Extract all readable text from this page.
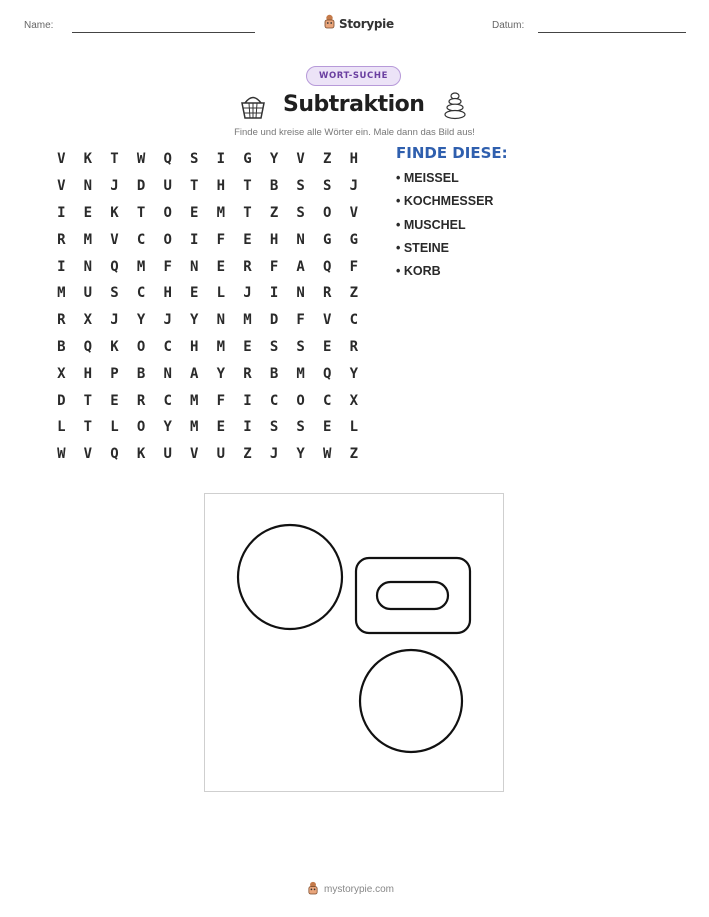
Name:	Datum:
Storypie
WORT-SUCHE
Subtraktion
Finde und kreise alle Wörter ein. Male dann das Bild aus!
V	K	T	W	Q	S	I	G	Y	V	Z	H
V	N	J	D	U	T	H	T	B	S	S	J
I	E	K	T	O	E	M	T	Z	S	O	V
R	M	V	C	O	I	F	E	H	N	G	G
I	N	Q	M	F	N	E	R	F	A	Q	F
M	U	S	C	H	E	L	J	I	N	R	Z
R	X	J	Y	J	Y	N	M	D	F	V	C
B	Q	K	O	C	H	M	E	S	S	E	R
X	H	P	B	N	A	Y	R	B	M	Q	Y
D	T	E	R	C	M	F	I	C	O	C	X
L	T	L	O	Y	M	E	I	S	S	E	L
W	V	Q	K	U	V	U	Z	J	Y	W	Z
FINDE DIESE:
• MEISSEL
• KOCHMESSER
• MUSCHEL
• STEINE
• KORB
mystorypie.com
